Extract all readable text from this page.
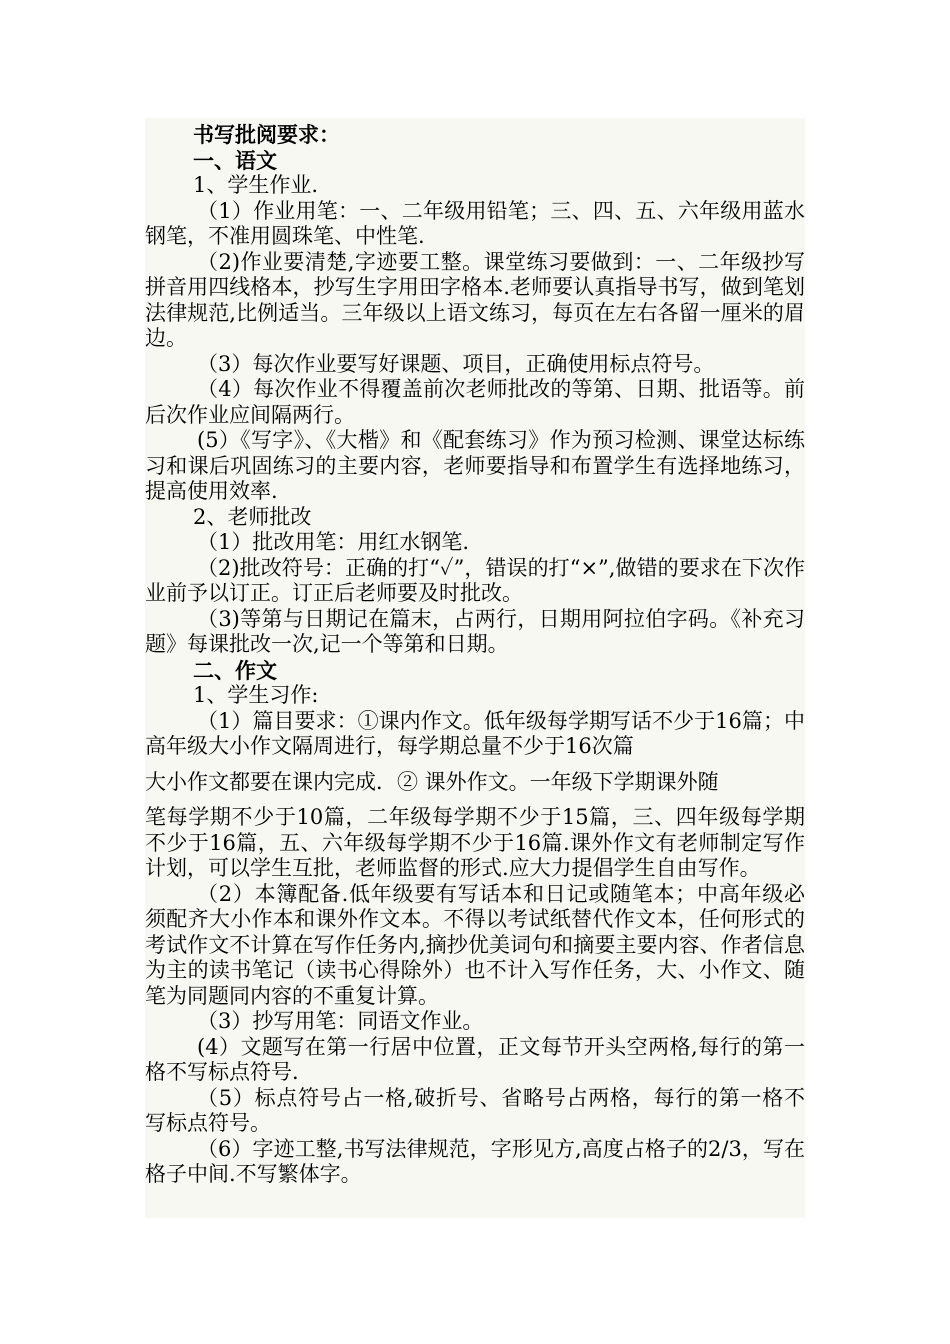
书写批阅要求：

一、语文

1、学生作业.

（1）作业用笔：一、二年级用铅笔；三、四、五、六年级用蓝水钢笔，不准用圆珠笔、中性笔.

（2)作业要清楚,字迹要工整。课堂练习要做到：一、二年级抄写拼音用四线格本，抄写生字用田字格本.老师要认真指导书写，做到笔划法律规范,比例适当。三年级以上语文练习，每页在左右各留一厘米的眉边。

（3）每次作业要写好课题、项目，正确使用标点符号。

（4）每次作业不得覆盖前次老师批改的等第、日期、批语等。前后次作业应间隔两行。

(5）《写字》、《大楷》和《配套练习》作为预习检测、课堂达标练习和课后巩固练习的主要内容，老师要指导和布置学生有选择地练习，提高使用效率.

2、老师批改

（1）批改用笔：用红水钢笔.

（2)批改符号：正确的打“✓”，错误的打“×”,做错的要求在下次作业前予以订正。订正后老师要及时批改。

（3)等第与日期记在篇末，占两行，日期用阿拉伯字码。《补充习题》每课批改一次,记一个等第和日期。

二、作文

1、学生习作:

（1）篇目要求：①课内作文。低年级每学期写话不少于16篇；中高年级大小作文隔周进行，每学期总量不少于16次篇

大小作文都要在课内完成．② 课外作文。一年级下学期课外随

笔每学期不少于10篇，二年级每学期不少于15篇，三、四年级每学期不少于16篇，五、六年级每学期不少于16篇.课外作文有老师制定写作计划，可以学生互批，老师监督的形式.应大力提倡学生自由写作。

（2）本簿配备.低年级要有写话本和日记或随笔本；中高年级必须配齐大小作本和课外作文本。不得以考试纸替代作文本，任何形式的考试作文不计算在写作任务内,摘抄优美词句和摘要主要内容、作者信息为主的读书笔记（读书心得除外）也不计入写作任务，大、小作文、随笔为同题同内容的不重复计算。

（3）抄写用笔：同语文作业。

(4）文题写在第一行居中位置，正文每节开头空两格,每行的第一格不写标点符号.

（5）标点符号占一格,破折号、省略号占两格，每行的第一格不写标点符号。

（6）字迹工整,书写法律规范，字形见方,高度占格子的2/3，写在格子中间.不写繁体字。
